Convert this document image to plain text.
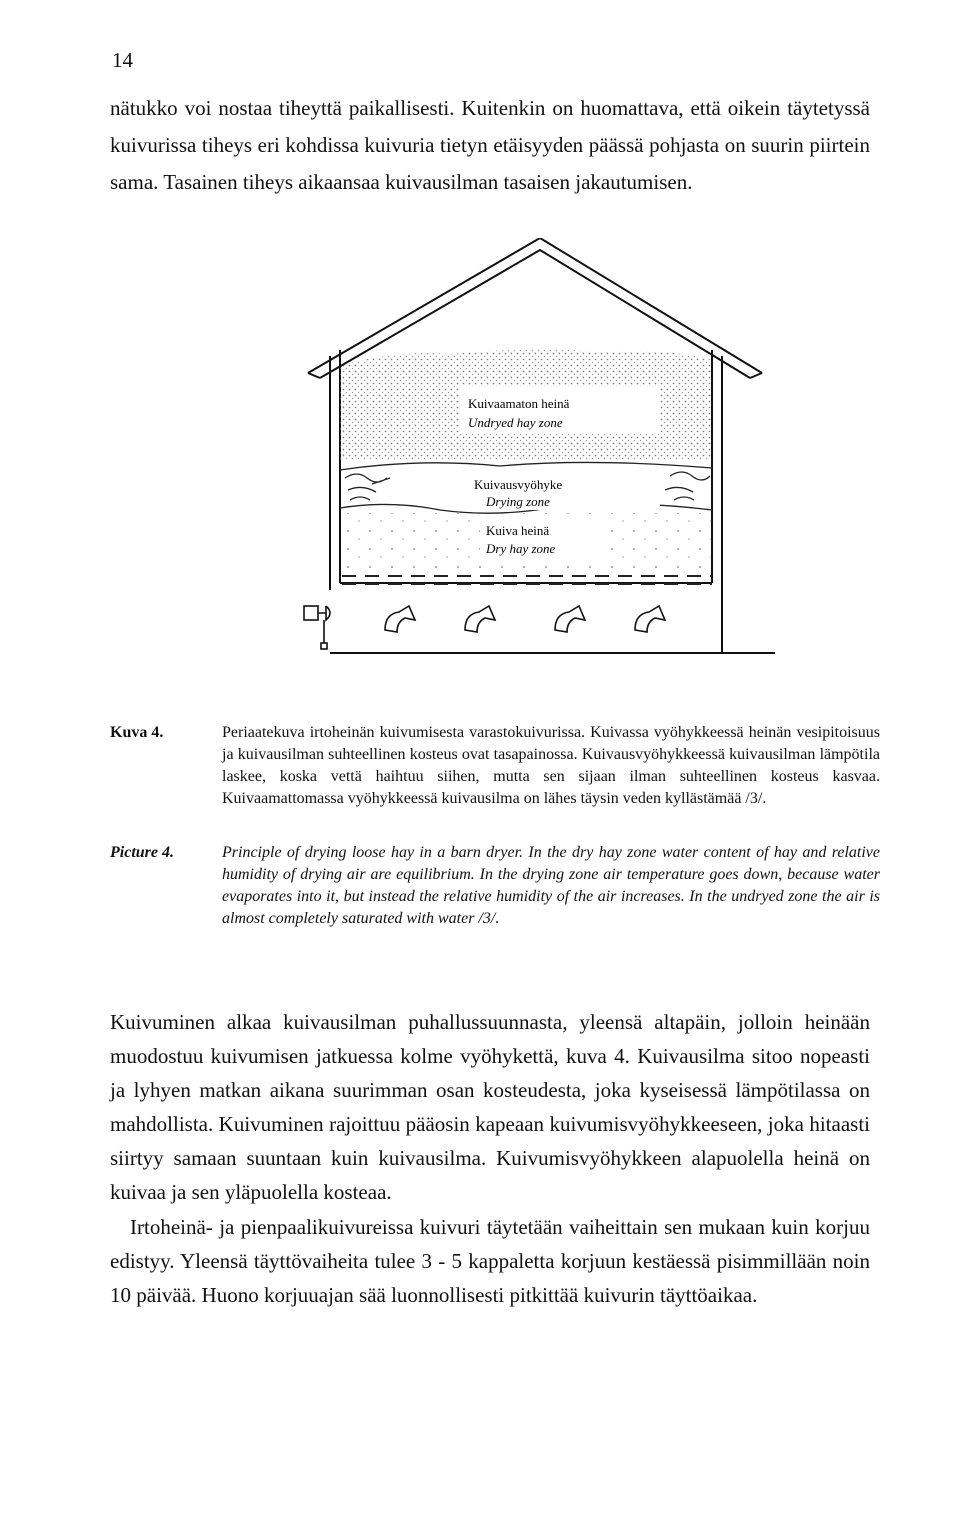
14

nätukko voi nostaa tiheyttä paikallisesti. Kuitenkin on huomattava, että oikein täytetyssä kuivurissa tiheys eri kohdissa kuivuria tietyn etäisyyden päässä pohjasta on suurin piirtein sama. Tasainen tiheys aikaansaa kuivausilman tasaisen jakautumisen.

Kuivaamaton heinä
Undryed hay zone
Kuivausvyöhyke
Drying zone
Kuiva heinä
Dry hay zone
Kuva 4.	Periaatekuva irtoheinän kuivumisesta varastokuivurissa. Kuivassa vyöhykkeessä heinän vesipitoisuus ja kuivausilman suhteellinen kosteus ovat tasapainossa. Kuivausvyöhykkeessä kuivausilman lämpötila laskee, koska vettä haihtuu siihen, mutta sen sijaan ilman suhteellinen kosteus kasvaa. Kuivaamattomassa vyöhykkeessä kuivausilma on lähes täysin veden kyllästämää /3/.

Picture 4.	Principle of drying loose hay in a barn dryer. In the dry hay zone water content of hay and relative humidity of drying air are equilibrium. In the drying zone air temperature goes down, because water evaporates into it, but instead the relative humidity of the air increases. In the undryed zone the air is almost completely saturated with water /3/.

Kuivuminen alkaa kuivausilman puhallussuunnasta, yleensä altapäin, jolloin heinään muodostuu kuivumisen jatkuessa kolme vyöhykettä, kuva 4. Kuivausilma sitoo nopeasti ja lyhyen matkan aikana suurimman osan kosteudesta, joka kyseisessä lämpötilassa on mahdollista. Kuivuminen rajoittuu pääosin kapeaan kuivumisvyöhykkeeseen, joka hitaasti siirtyy samaan suuntaan kuin kuivausilma. Kuivumisvyöhykkeen alapuolella heinä on kuivaa ja sen yläpuolella kosteaa.

Irtoheinä- ja pienpaalikuivureissa kuivuri täytetään vaiheittain sen mukaan kuin korjuu edistyy. Yleensä täyttövaiheita tulee 3 - 5 kappaletta korjuun kestäessä pisimmillään noin 10 päivää. Huono korjuuajan sää luonnollisesti pitkittää kuivurin täyttöaikaa.
